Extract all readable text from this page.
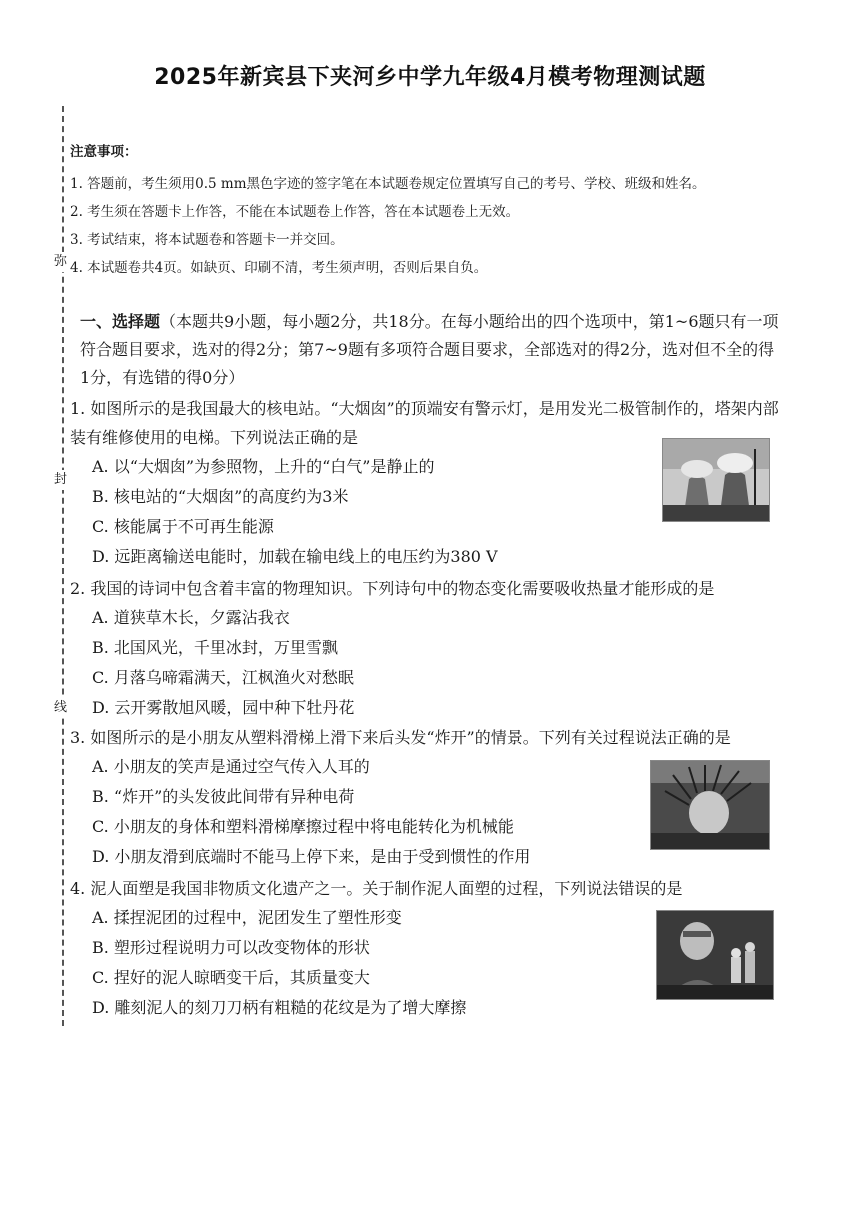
2025年新宾县下夹河乡中学九年级4月模考物理测试题
弥
封
线
注意事项：
1. 答题前，考生须用0.5 mm黑色字迹的签字笔在本试题卷规定位置填写自己的考号、学校、班级和姓名。
2. 考生须在答题卡上作答，不能在本试题卷上作答，答在本试题卷上无效。
3. 考试结束，将本试题卷和答题卡一并交回。
4. 本试题卷共4页。如缺页、印刷不清，考生须声明，否则后果自负。
一、选择题（本题共9小题，每小题2分，共18分。在每小题给出的四个选项中，第1~6题只有一项符合题目要求，选对的得2分；第7~9题有多项符合题目要求，全部选对的得2分，选对但不全的得1分，有选错的得0分）
1. 如图所示的是我国最大的核电站。“大烟囱”的顶端安有警示灯，是用发光二极管制作的，塔架内部装有维修使用的电梯。下列说法正确的是
A. 以“大烟囱”为参照物，上升的“白气”是静止的
B. 核电站的“大烟囱”的高度约为3米
C. 核能属于不可再生能源
D. 远距离输送电能时，加载在输电线上的电压约为380 V
2. 我国的诗词中包含着丰富的物理知识。下列诗句中的物态变化需要吸收热量才能形成的是
A. 道狭草木长，夕露沾我衣
B. 北国风光，千里冰封，万里雪飘
C. 月落乌啼霜满天，江枫渔火对愁眠
D. 云开雾散旭风暖，园中种下牡丹花
3. 如图所示的是小朋友从塑料滑梯上滑下来后头发“炸开”的情景。下列有关过程说法正确的是
A. 小朋友的笑声是通过空气传入人耳的
B. “炸开”的头发彼此间带有异种电荷
C. 小朋友的身体和塑料滑梯摩擦过程中将电能转化为机械能
D. 小朋友滑到底端时不能马上停下来，是由于受到惯性的作用
4. 泥人面塑是我国非物质文化遗产之一。关于制作泥人面塑的过程，下列说法错误的是
A. 揉捏泥团的过程中，泥团发生了塑性形变
B. 塑形过程说明力可以改变物体的形状
C. 捏好的泥人晾晒变干后，其质量变大
D. 雕刻泥人的刻刀刀柄有粗糙的花纹是为了增大摩擦
